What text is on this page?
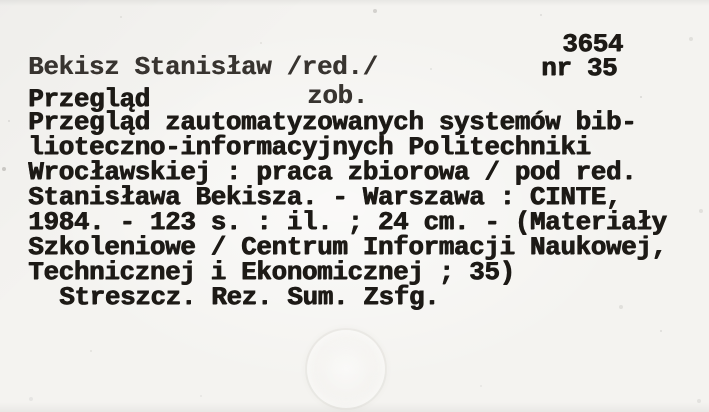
3654
Bekisz Stanisław /red./	nr 35
Przegląd	zob.
Przegląd zautomatyzowanych systemów bib-
lioteczno-informacyjnych Politechniki
Wrocławskiej : praca zbiorowa / pod red.
Stanisława Bekisza. - Warszawa : CINTE,
1984. - 123 s. : il. ; 24 cm. - (Materiały
Szkoleniowe / Centrum Informacji Naukowej,
Technicznej i Ekonomicznej ; 35)
Streszcz. Rez. Sum. Zsfg.
